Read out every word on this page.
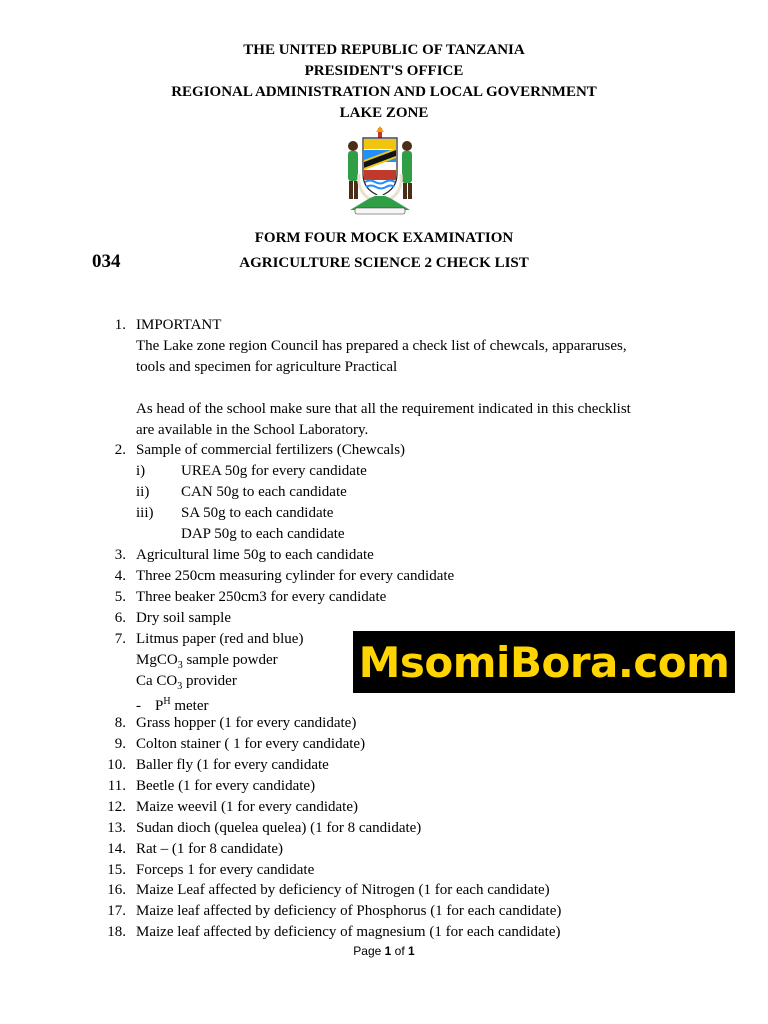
THE UNITED REPUBLIC OF TANZANIA
PRESIDENT'S OFFICE
REGIONAL ADMINISTRATION AND LOCAL GOVERNMENT
LAKE ZONE
FORM FOUR MOCK EXAMINATION
034	AGRICULTURE SCIENCE 2 CHECK LIST
1. IMPORTANT
The Lake zone region Council has prepared a check list of chewcals, appararuses,
tools and specimen for agriculture Practical
As head of the school make sure that all the requirement indicated in this checklist
are available in the School Laboratory.
2. Sample of commercial fertilizers (Chewcals)
i) UREA 50g for every candidate
ii) CAN 50g to each candidate
iii) SA 50g to each candidate
DAP 50g to each candidate
3. Agricultural lime 50g to each candidate
4. Three 250cm measuring cylinder for every candidate
5. Three beaker 250cm3 for every candidate
6. Dry soil sample
7. Litmus paper (red and blue)
MgCO$_3$ sample powder
Ca $CO_3$ provider
- $P^H$ meter
MsomiBora.com
8. Grass hopper (1 for every candidate)
9. Colton stainer ( 1 for every candidate)
10. Baller fly (1 for every candidate
11. Beetle (1 for every candidate)
12. Maize weevil (1 for every candidate)
13. Sudan dioch (quelea quelea) (1 for 8 candidate)
14. Rat – (1 for 8 candidate)
15. Forceps 1 for every candidate
16. Maize Leaf affected by deficiency of Nitrogen (1 for each candidate)
17. Maize leaf affected by deficiency of Phosphorus (1 for each candidate)
18. Maize leaf affected by deficiency of magnesium (1 for each candidate)
Page 1 of 1
